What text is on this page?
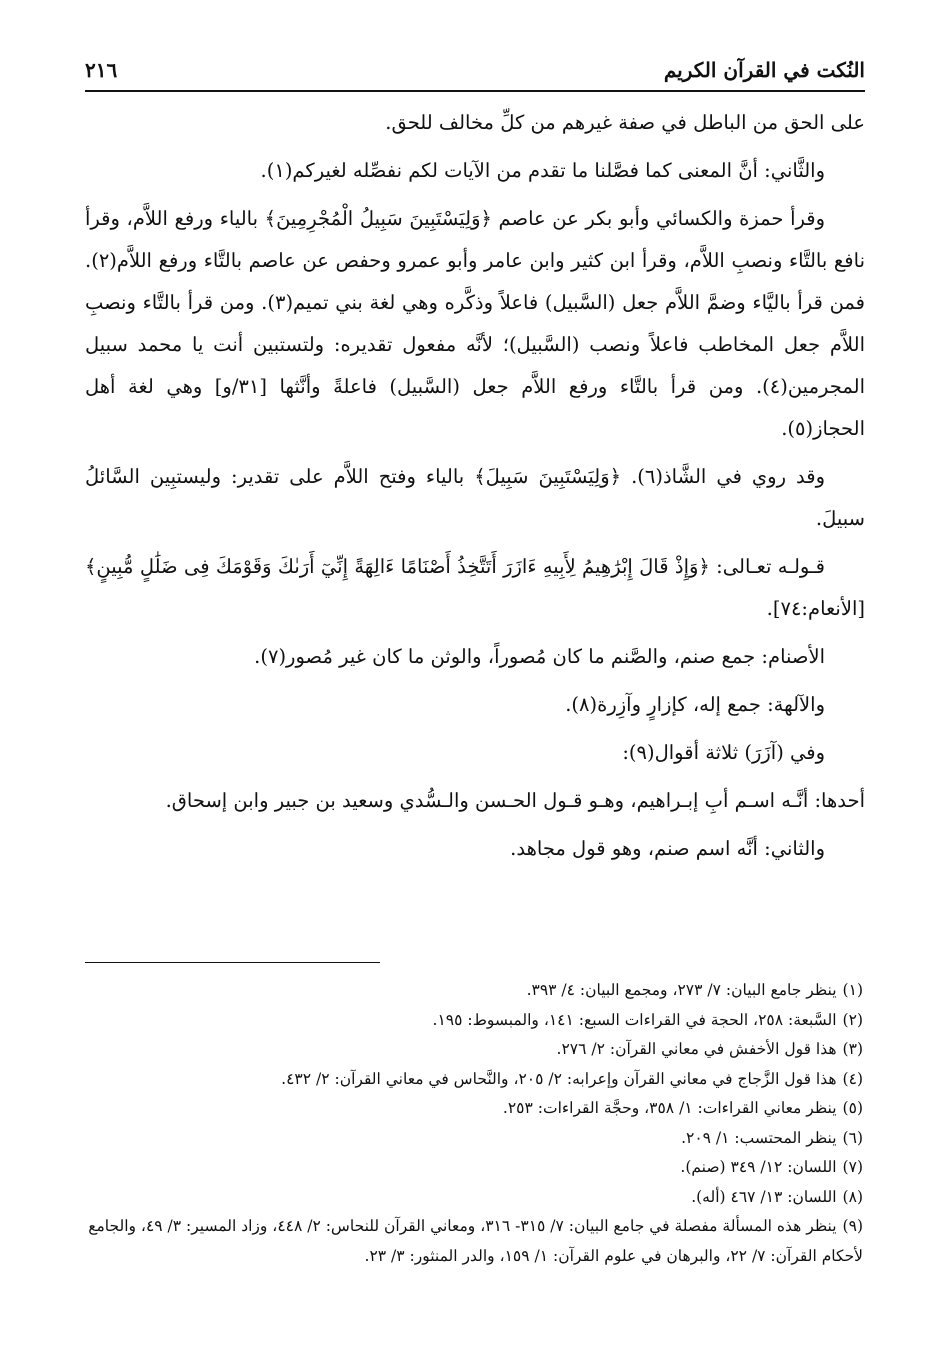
النُكت في القرآن الكريم
٢١٦

على الحق من الباطل في صفة غيرهم من كلِّ مخالف للحق.

والثَّاني: أنَّ المعنى كما فصَّلنا ما تقدم من الآيات لكم نفصِّله لغيركم(١).

وقرأ حمزة والكسائي وأبو بكر عن عاصم ﴿وَلِيَسْتَبِينَ سَبِيلُ الْمُجْرِمِينَ﴾ بالياء ورفع اللاَّم، وقرأ نافع بالتَّاء ونصبِ اللاَّم، وقرأ ابن كثير وابن عامر وأبو عمرو وحفص عن عاصم بالتَّاء ورفع اللاَّم(٢). فمن قرأ باليَّاء وضمَّ اللاَّم جعل (السَّبيل) فاعلاً وذكَّره وهي لغة بني تميم(٣). ومن قرأ بالتَّاء ونصبِ اللاَّم جعل المخاطب فاعلاً ونصب (السَّبيل)؛ لأنَّه مفعول تقديره: ولتستبين أنت يا محمد سبيل المجرمين(٤). ومن قرأ بالتَّاء ورفع اللاَّم جعل (السَّبيل) فاعلةً وأنَّثها [٣١/و] وهي لغة أهل الحجاز(٥).

وقد روي في الشَّاذ(٦). ﴿وَلِيَسْتَبِينَ سَبِيلَ﴾ بالياء وفتح اللاَّم على تقدير: وليستبِين السَّائلُ سبيلَ.

قـولـه تعـالى: ﴿وَإِذْ قَالَ إِبْرَٰهِيمُ لِأَبِيهِ ءَازَرَ أَتَتَّخِذُ أَصْنَامًا ءَالِهَةً إِنِّيٓ أَرَىٰكَ وَقَوْمَكَ فِى ضَلَٰلٍ مُّبِينٍ﴾ [الأنعام:٧٤].

الأصنام: جمع صنم، والصَّنم ما كان مُصوراً، والوثن ما كان غير مُصور(٧).

والآلهة: جمع إله، كإزارٍ وآزِرة(٨).

وفي (آزَرَ) ثلاثة أقوال(٩):

أحدها: أنَّـه اسـم أبِ إبـراهيم، وهـو قـول الحـسن والـسُّدي وسعيد بن جبير وابن إسحاق.

والثاني: أنَّه اسم صنم، وهو قول مجاهد.

(١)ينظر جامع البيان: ٧/ ٢٧٣، ومجمع البيان: ٤/ ٣٩٣.

(٢)السَّبعة: ٢٥٨، الحجة في القراءات السبع: ١٤١، والمبسوط: ١٩٥.

(٣)هذا قول الأخفش في معاني القرآن: ٢/ ٢٧٦.

(٤)هذا قول الزَّجاج في معاني القرآن وإعرابه: ٢/ ٢٠٥، والنَّحاس في معاني القرآن: ٢/ ٤٣٢.

(٥)ينظر معاني القراءات: ١/ ٣٥٨، وحجَّة القراءات: ٢٥٣.

(٦)ينظر المحتسب: ١/ ٢٠٩.

(٧)اللسان: ١٢/ ٣٤٩ (صنم).

(٨)اللسان: ١٣/ ٤٦٧ (أله).

(٩)ينظر هذه المسألة مفصلة في جامع البيان: ٧/ ٣١٥- ٣١٦، ومعاني القرآن للنحاس: ٢/ ٤٤٨، وزاد المسير: ٣/ ٤٩، والجامع لأحكام القرآن: ٧/ ٢٢، والبرهان في علوم القرآن: ١/ ١٥٩، والدر المنثور: ٣/ ٢٣.
